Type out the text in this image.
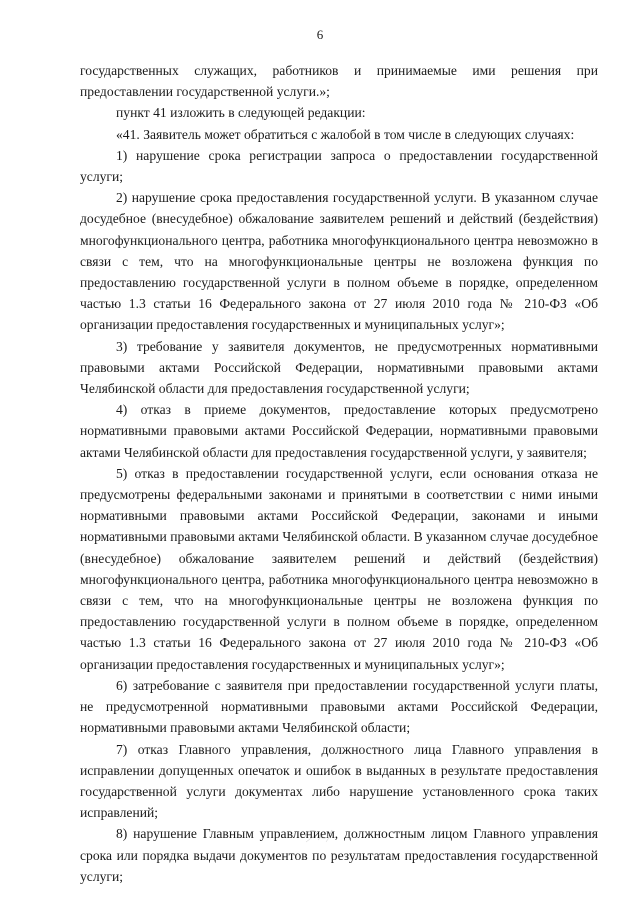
6

государственных служащих, работников и принимаемые ими решения при предоставлении государственной услуги.»;

пункт 41 изложить в следующей редакции:

«41. Заявитель может обратиться с жалобой в том числе в следующих случаях:

1) нарушение срока регистрации запроса о предоставлении государственной услуги;

2) нарушение срока предоставления государственной услуги. В указанном случае досудебное (внесудебное) обжалование заявителем решений и действий (бездействия) многофункционального центра, работника многофункционального центра невозможно в связи с тем, что на многофункциональные центры не возложена функция по предоставлению государственной услуги в полном объеме в порядке, определенном частью 1.3 статьи 16 Федерального закона от 27 июля 2010 года № 210-ФЗ «Об организации предоставления государственных и муниципальных услуг»;

3) требование у заявителя документов, не предусмотренных нормативными правовыми актами Российской Федерации, нормативными правовыми актами Челябинской области для предоставления государственной услуги;

4) отказ в приеме документов, предоставление которых предусмотрено нормативными правовыми актами Российской Федерации, нормативными правовыми актами Челябинской области для предоставления государственной услуги, у заявителя;

5) отказ в предоставлении государственной услуги, если основания отказа не предусмотрены федеральными законами и принятыми в соответствии с ними иными нормативными правовыми актами Российской Федерации, законами и иными нормативными правовыми актами Челябинской области. В указанном случае досудебное (внесудебное) обжалование заявителем решений и действий (бездействия) многофункционального центра, работника многофункционального центра невозможно в связи с тем, что на многофункциональные центры не возложена функция по предоставлению государственной услуги в полном объеме в порядке, определенном частью 1.3 статьи 16 Федерального закона от 27 июля 2010 года № 210-ФЗ «Об организации предоставления государственных и муниципальных услуг»;

6) затребование с заявителя при предоставлении государственной услуги платы, не предусмотренной нормативными правовыми актами Российской Федерации, нормативными правовыми актами Челябинской области;

7) отказ Главного управления, должностного лица Главного управления в исправлении допущенных опечаток и ошибок в выданных в результате предоставления государственной услуги документах либо нарушение установленного срока таких исправлений;

8) нарушение Главным управлением, должностным лицом Главного управления срока или порядка выдачи документов по результатам предоставления государственной услуги;
